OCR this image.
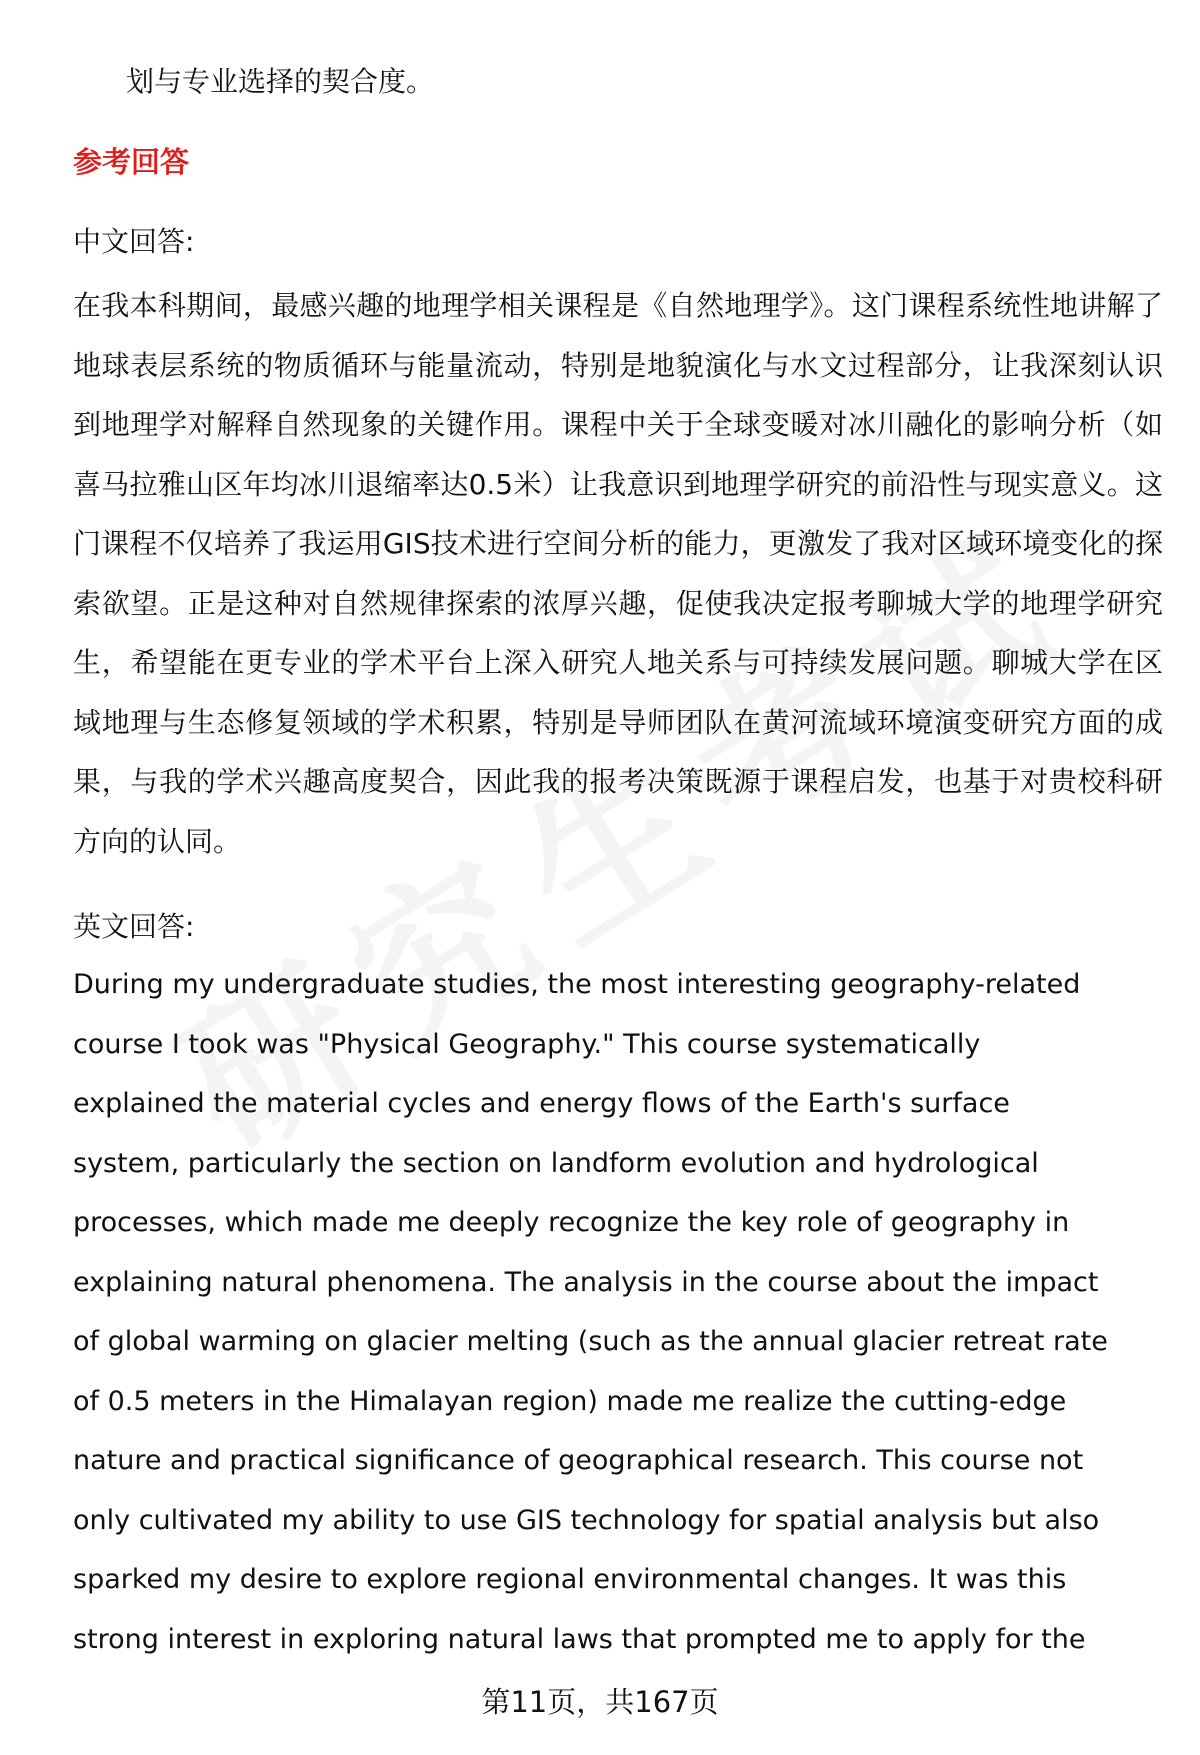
划与专业选择的契合度。
参考回答
中文回答:

在我本科期间，最感兴趣的地理学相关课程是《自然地理学》。这门课程系统性地讲解了地球表层系统的物质循环与能量流动，特别是地貌演化与水文过程部分，让我深刻认识到地理学对解释自然现象的关键作用。课程中关于全球变暖对冰川融化的影响分析（如喜马拉雅山区年均冰川退缩率达0.5米）让我意识到地理学研究的前沿性与现实意义。这门课程不仅培养了我运用GIS技术进行空间分析的能力，更激发了我对区域环境变化的探索欲望。正是这种对自然规律探索的浓厚兴趣，促使我决定报考聊城大学的地理学研究生，希望能在更专业的学术平台上深入研究人地关系与可持续发展问题。聊城大学在区域地理与生态修复领域的学术积累，特别是导师团队在黄河流域环境演变研究方面的成果，与我的学术兴趣高度契合，因此我的报考决策既源于课程启发，也基于对贵校科研方向的认同。

英文回答:
During my undergraduate studies, the most interesting geography-related
course I took was "Physical Geography." This course systematically
explained the material cycles and energy flows of the Earth's surface
system, particularly the section on landform evolution and hydrological
processes, which made me deeply recognize the key role of geography in
explaining natural phenomena. The analysis in the course about the impact
of global warming on glacier melting (such as the annual glacier retreat rate
of 0.5 meters in the Himalayan region) made me realize the cutting-edge
nature and practical significance of geographical research. This course not
only cultivated my ability to use GIS technology for spatial analysis but also
sparked my desire to explore regional environmental changes. It was this
strong interest in exploring natural laws that prompted me to apply for the
第11页，共167页
